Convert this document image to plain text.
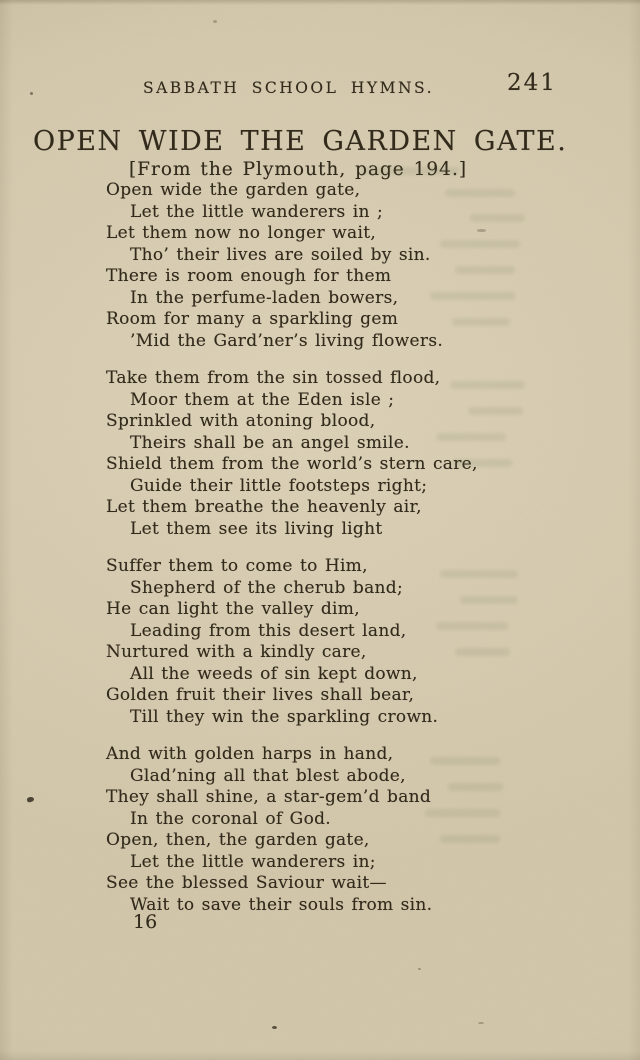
SABBATH SCHOOL HYMNS.	241
OPEN WIDE THE GARDEN GATE.
[From the Plymouth, page 194.]
Open wide the garden gate,
Let the little wanderers in ;
Let them now no longer wait,
Tho’ their lives are soiled by sin.
There is room enough for them
In the perfume-laden bowers,
Room for many a sparkling gem
’Mid the Gard’ner’s living flowers.
Take them from the sin tossed flood,
Moor them at the Eden isle ;
Sprinkled with atoning blood,
Theirs shall be an angel smile.
Shield them from the world’s stern care,
Guide their little footsteps right;
Let them breathe the heavenly air,
Let them see its living light
Suffer them to come to Him,
Shepherd of the cherub band;
He can light the valley dim,
Leading from this desert land,
Nurtured with a kindly care,
All the weeds of sin kept down,
Golden fruit their lives shall bear,
Till they win the sparkling crown.
And with golden harps in hand,
Glad’ning all that blest abode,
They shall shine, a star-gem’d band
In the coronal of God.
Open, then, the garden gate,
Let the little wanderers in;
See the blessed Saviour wait—
Wait to save their souls from sin.
16
